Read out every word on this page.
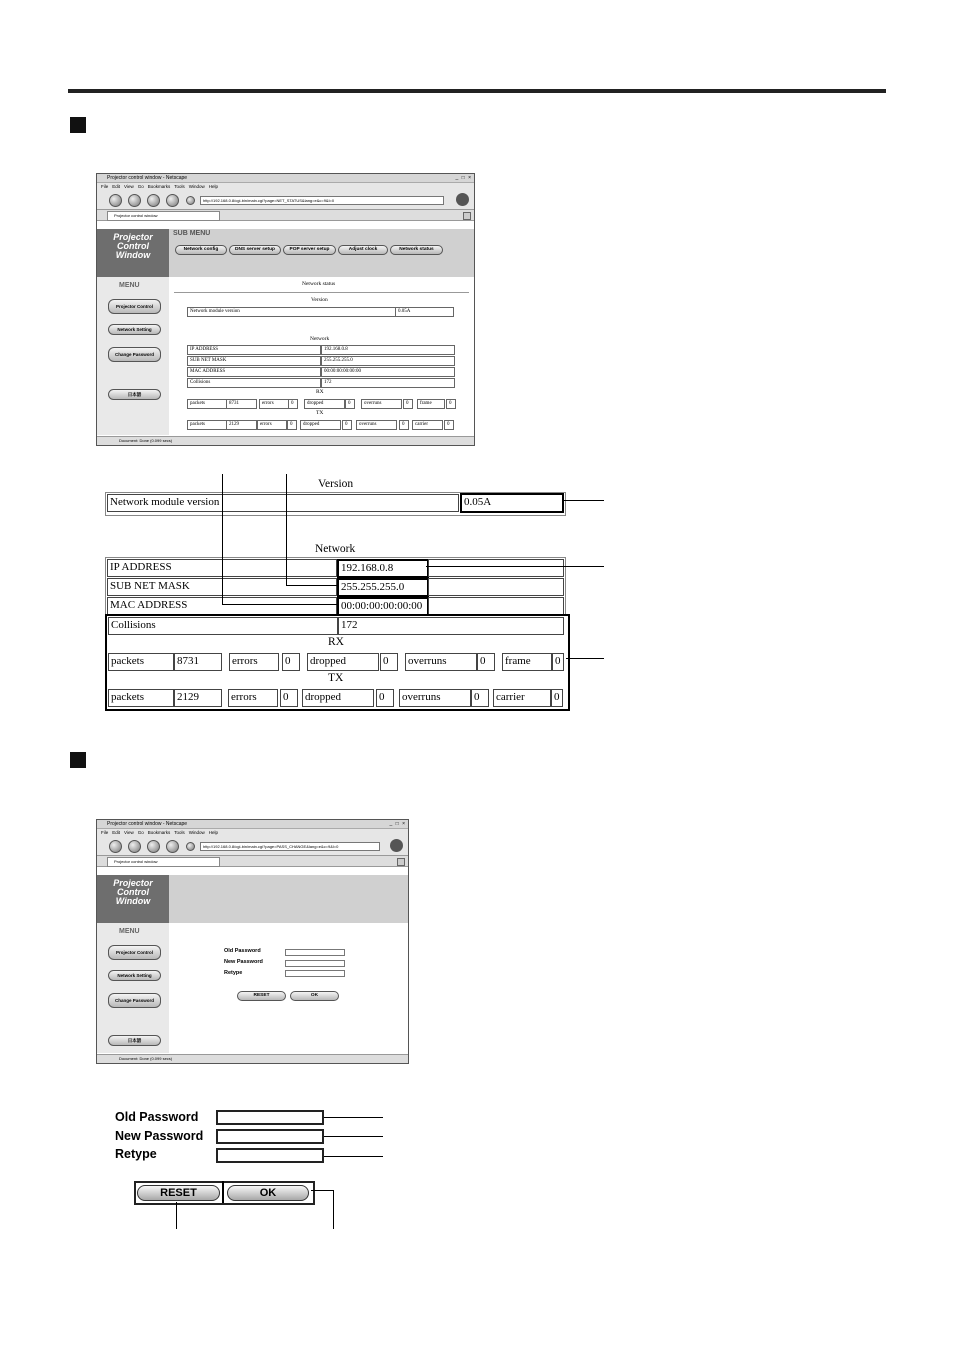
Projector control window - Netscape	_ □ ×
File Edit View Go Bookmarks Tools Window Help
http://192.168.0.8/cgi-bin/main.cgi?page=NET_STATUS&lang=e&c=9&l=0
Projector control window
Projector
Control
Window
SUB MENU
Network config	DNS server setup	POP server setup	Adjust clock	Network status
MENU
Projector Control
Network Setting
Change Password
日本語
Network status
Version
Network module version	0.05A
Network
IP ADDRESS	192.168.0.8
SUB NET MASK	255.255.255.0
MAC ADDRESS	00:00:00:00:00:00
Collisions	172
RX
packets	8731	errors	0	dropped	0	overruns	0	frame	0
TX
packets	2129	errors	0	dropped	0	overruns	0	carrier	0
Document: Done (0.099 secs)
Version
Network module version	0.05A
Network
IP ADDRESS	192.168.0.8
SUB NET MASK	255.255.255.0
MAC ADDRESS	00:00:00:00:00:00
Collisions	172
RX
packets	8731	errors	0	dropped	0	overruns	0	frame	0
TX
packets	2129	errors	0	dropped	0	overruns	0	carrier	0
Projector control window - Netscape	_ □ ×
File Edit View Go Bookmarks Tools Window Help
http://192.168.0.8/cgi-bin/main.cgi?page=PASS_CHANGE&lang=e&c=9&l=0
Projector control window
Projector
Control
Window
MENU
Projector Control
Network Setting
Change Password
日本語
Old Password
New Password
Retype
RESET	OK
Document: Done (0.099 secs)
Old Password
New Password
Retype
RESET	OK
